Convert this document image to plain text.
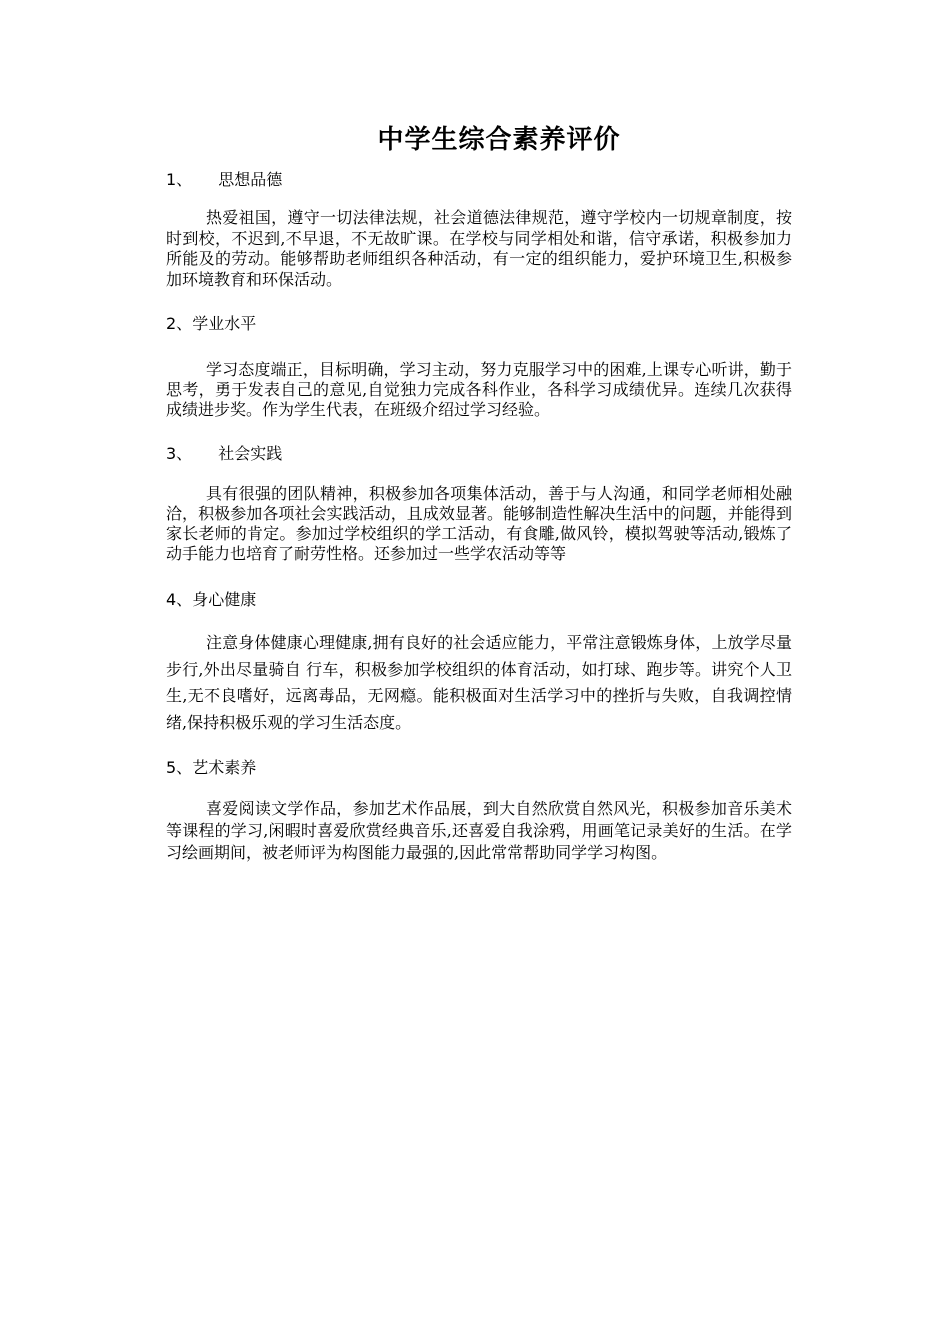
中学生综合素养评价

1、 思想品德

热爱祖国，遵守一切法律法规，社会道德法律规范，遵守学校内一切规章制度，按时到校，不迟到,不早退，不无故旷课。在学校与同学相处和谐，信守承诺，积极参加力所能及的劳动。能够帮助老师组织各种活动，有一定的组织能力，爱护环境卫生,积极参加环境教育和环保活动。

2、学业水平

学习态度端正，目标明确，学习主动，努力克服学习中的困难,上课专心听讲，勤于思考，勇于发表自己的意见,自觉独力完成各科作业，各科学习成绩优异。连续几次获得成绩进步奖。作为学生代表，在班级介绍过学习经验。

3、 社会实践

具有很强的团队精神，积极参加各项集体活动，善于与人沟通，和同学老师相处融洽，积极参加各项社会实践活动，且成效显著。能够制造性解决生活中的问题，并能得到家长老师的肯定。参加过学校组织的学工活动，有食雕,做风铃，模拟驾驶等活动,锻炼了动手能力也培育了耐劳性格。还参加过一些学农活动等等

4、身心健康

注意身体健康心理健康,拥有良好的社会适应能力，平常注意锻炼身体，上放学尽量步行,外出尽量骑自 行车，积极参加学校组织的体育活动，如打球、跑步等。讲究个人卫生,无不良嗜好，远离毒品，无网瘾。能积极面对生活学习中的挫折与失败，自我调控情绪,保持积极乐观的学习生活态度。

5、艺术素养

喜爱阅读文学作品，参加艺术作品展，到大自然欣赏自然风光，积极参加音乐美术等课程的学习,闲暇时喜爱欣赏经典音乐,还喜爱自我涂鸦，用画笔记录美好的生活。在学习绘画期间，被老师评为构图能力最强的,因此常常帮助同学学习构图。
